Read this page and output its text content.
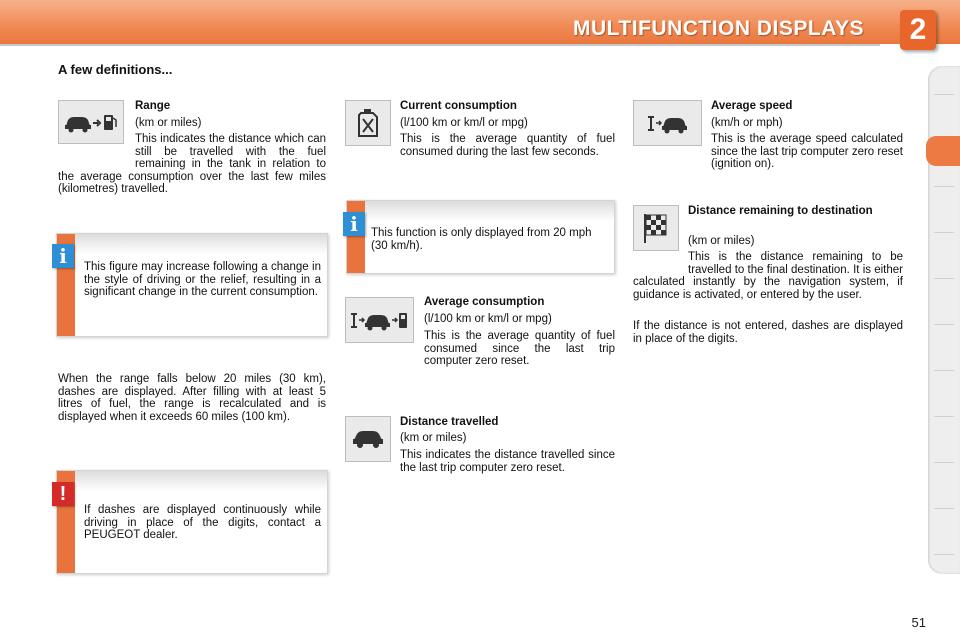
MULTIFUNCTION DISPLAYS	2
A few definitions...
Range
(km or miles)
This indicates the distance which can still be travelled with the fuel remaining in the tank in relation to the average consumption over the last few miles (kilometres) travelled.
This figure may increase following a change in the style of driving or the relief, resulting in a significant change in the current consumption.
i
When the range falls below 20 miles (30 km), dashes are displayed. After filling with at least 5 litres of fuel, the range is recalculated and is displayed when it exceeds 60 miles (100 km).
If dashes are displayed continuously while driving in place of the digits, contact a PEUGEOT dealer.
!
Current consumption
(l/100 km or km/l or mpg)
This is the average quantity of fuel consumed during the last few seconds.
This function is only displayed from 20 mph (30 km/h).
i
Average consumption
(l/100 km or km/l or mpg)
This is the average quantity of fuel consumed since the last trip computer zero reset.
Distance travelled
(km or miles)
This indicates the distance travelled since the last trip computer zero reset.
Average speed
(km/h or mph)
This is the average speed calculated since the last trip computer zero reset (ignition on).
Distance remaining to destination
(km or miles)
This is the distance remaining to be travelled to the final destination. It is either calculated instantly by the navigation system, if guidance is activated, or entered by the user.
If the distance is not entered, dashes are displayed in place of the digits.
51
